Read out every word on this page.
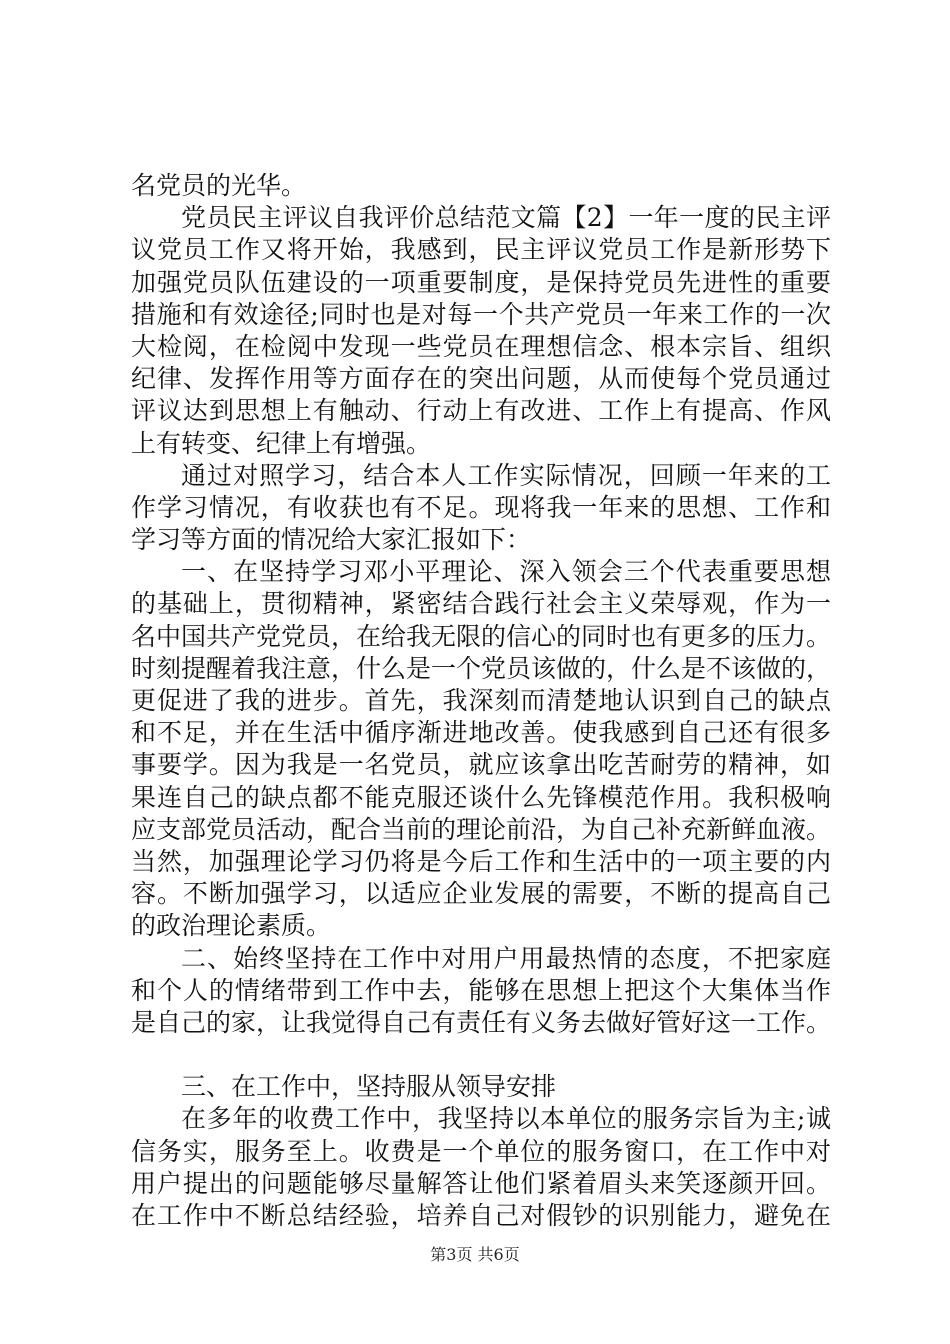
名党员的光华。
党员民主评议自我评价总结范文篇【2】一年一度的民主评
议党员工作又将开始，我感到，民主评议党员工作是新形势下
加强党员队伍建设的一项重要制度，是保持党员先进性的重要
措施和有效途径;同时也是对每一个共产党员一年来工作的一次
大检阅，在检阅中发现一些党员在理想信念、根本宗旨、组织
纪律、发挥作用等方面存在的突出问题，从而使每个党员通过
评议达到思想上有触动、行动上有改进、工作上有提高、作风
上有转变、纪律上有增强。
通过对照学习，结合本人工作实际情况，回顾一年来的工
作学习情况，有收获也有不足。现将我一年来的思想、工作和
学习等方面的情况给大家汇报如下：
一、在坚持学习邓小平理论、深入领会三个代表重要思想
的基础上，贯彻精神，紧密结合践行社会主义荣辱观，作为一
名中国共产党党员，在给我无限的信心的同时也有更多的压力。
时刻提醒着我注意，什么是一个党员该做的，什么是不该做的，
更促进了我的进步。首先，我深刻而清楚地认识到自己的缺点
和不足，并在生活中循序渐进地改善。使我感到自己还有很多
事要学。因为我是一名党员，就应该拿出吃苦耐劳的精神，如
果连自己的缺点都不能克服还谈什么先锋模范作用。我积极响
应支部党员活动，配合当前的理论前沿，为自己补充新鲜血液。
当然，加强理论学习仍将是今后工作和生活中的一项主要的内
容。不断加强学习，以适应企业发展的需要，不断的提高自己
的政治理论素质。
二、始终坚持在工作中对用户用最热情的态度，不把家庭
和个人的情绪带到工作中去，能够在思想上把这个大集体当作
是自己的家，让我觉得自己有责任有义务去做好管好这一工作。
三、在工作中，坚持服从领导安排
在多年的收费工作中，我坚持以本单位的服务宗旨为主;诚
信务实，服务至上。收费是一个单位的服务窗口，在工作中对
用户提出的问题能够尽量解答让他们紧着眉头来笑逐颜开回。
在工作中不断总结经验，培养自己对假钞的识别能力，避免在
第3页 共6页
